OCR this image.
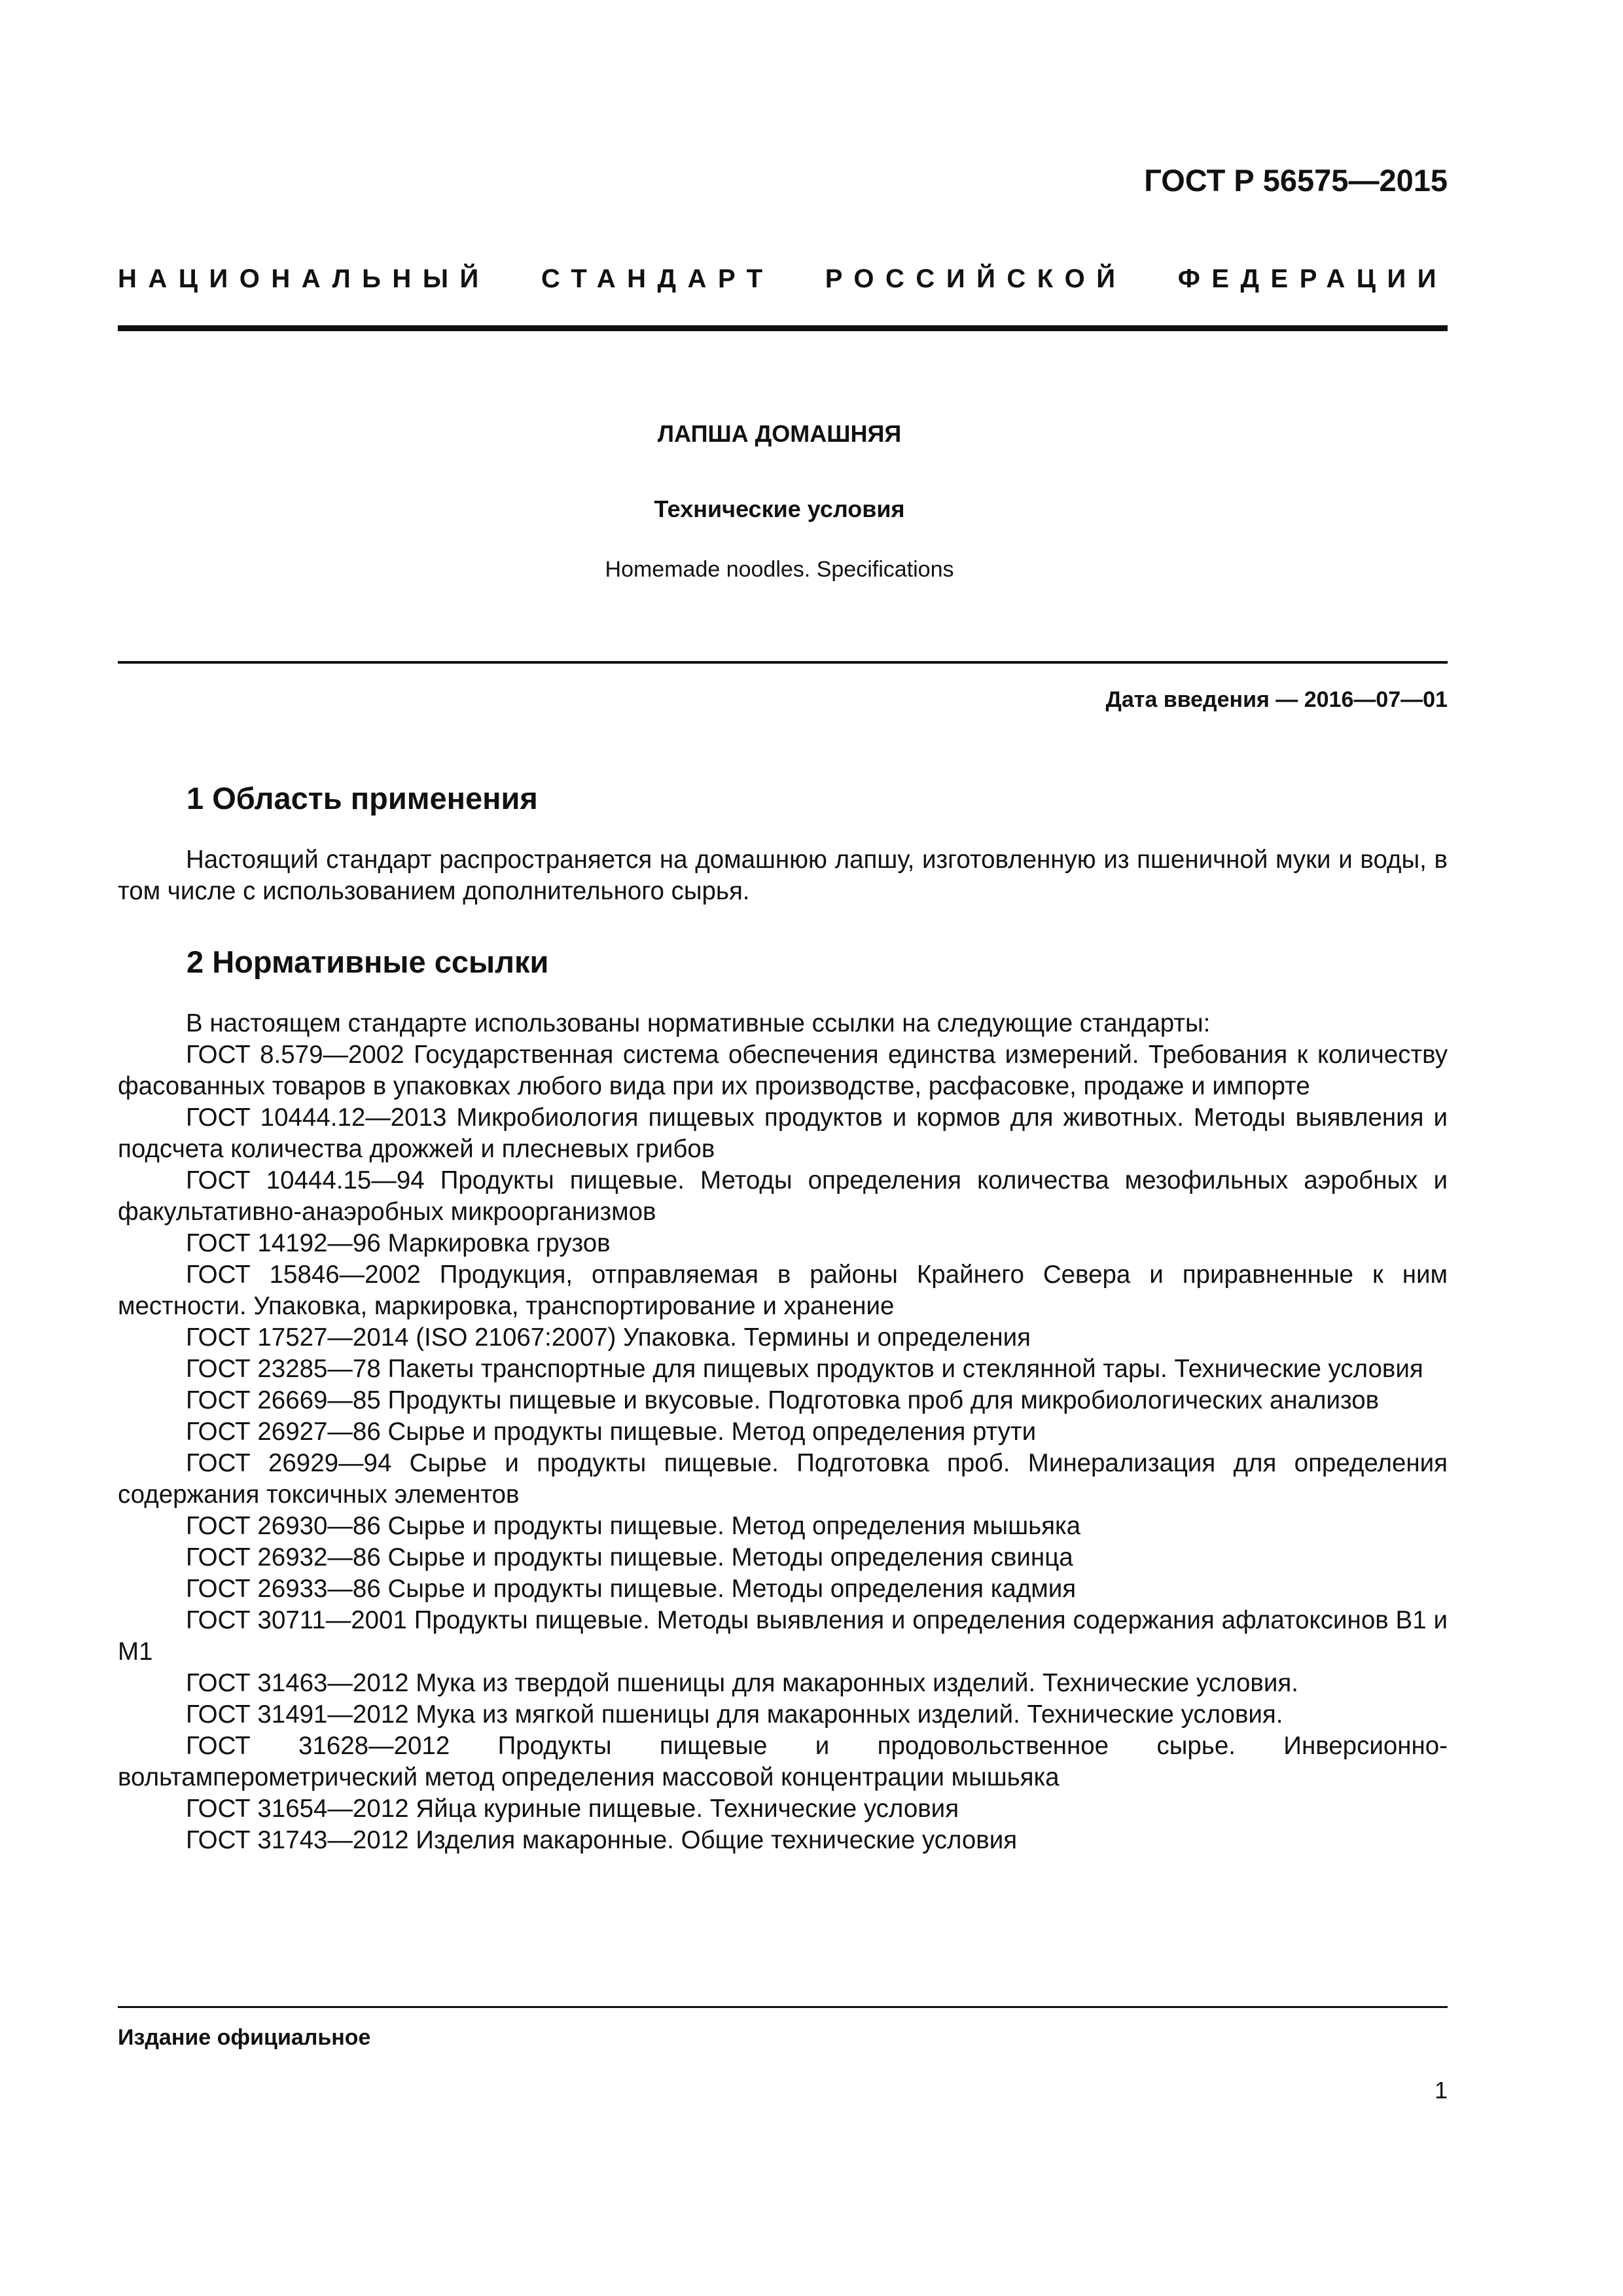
ГОСТ Р 56575—2015
НАЦИОНАЛЬНЫЙ СТАНДАРТ РОССИЙСКОЙ ФЕДЕРАЦИИ
ЛАПША ДОМАШНЯЯ
Технические условия
Homemade noodles. Specifications
Дата введения — 2016—07—01
1 Область применения

Настоящий стандарт распространяется на домашнюю лапшу, изготовленную из пшеничной муки и воды, в том числе с использованием дополнительного сырья.

2 Нормативные ссылки

В настоящем стандарте использованы нормативные ссылки на следующие стандарты:

ГОСТ 8.579—2002 Государственная система обеспечения единства измерений. Требования к количеству фасованных товаров в упаковках любого вида при их производстве, расфасовке, продаже и импорте

ГОСТ 10444.12—2013 Микробиология пищевых продуктов и кормов для животных. Методы выявления и подсчета количества дрожжей и плесневых грибов

ГОСТ 10444.15—94 Продукты пищевые. Методы определения количества мезофильных аэробных и факультативно-анаэробных микроорганизмов

ГОСТ 14192—96 Маркировка грузов

ГОСТ 15846—2002 Продукция, отправляемая в районы Крайнего Севера и приравненные к ним местности. Упаковка, маркировка, транспортирование и хранение

ГОСТ 17527—2014 (ISO 21067:2007) Упаковка. Термины и определения

ГОСТ 23285—78 Пакеты транспортные для пищевых продуктов и стеклянной тары. Технические условия

ГОСТ 26669—85 Продукты пищевые и вкусовые. Подготовка проб для микробиологических анализов

ГОСТ 26927—86 Сырье и продукты пищевые. Метод определения ртути

ГОСТ 26929—94 Сырье и продукты пищевые. Подготовка проб. Минерализация для определения содержания токсичных элементов

ГОСТ 26930—86 Сырье и продукты пищевые. Метод определения мышьяка

ГОСТ 26932—86 Сырье и продукты пищевые. Методы определения свинца

ГОСТ 26933—86 Сырье и продукты пищевые. Методы определения кадмия

ГОСТ 30711—2001 Продукты пищевые. Методы выявления и определения содержания афлатоксинов В1 и М1

ГОСТ 31463—2012 Мука из твердой пшеницы для макаронных изделий. Технические условия.

ГОСТ 31491—2012 Мука из мягкой пшеницы для макаронных изделий. Технические условия.

ГОСТ 31628—2012 Продукты пищевые и продовольственное сырье. Инверсионно-вольтамперометрический метод определения массовой концентрации мышьяка

ГОСТ 31654—2012 Яйца куриные пищевые. Технические условия

ГОСТ 31743—2012 Изделия макаронные. Общие технические условия

Издание официальное
1
